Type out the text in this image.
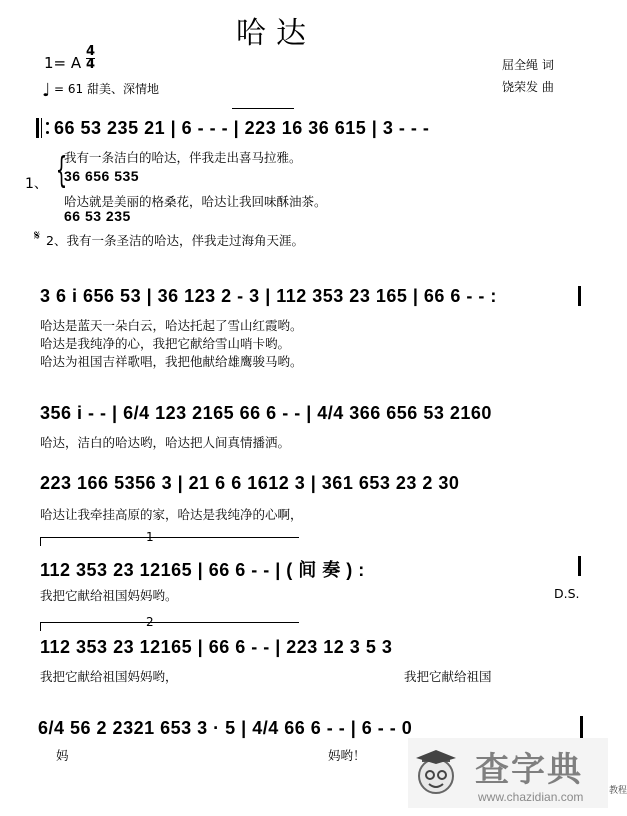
哈达
1= A
4
4
♩ = 61 甜美、深情地
屈全绳 词
饶荣发 曲
66 53 235 21 | 6 - - - | 223 16 36 615 | 3 - - -
1、 {
我有一条洁白的哈达，伴我走出喜马拉雅。
36 656 535
哈达就是美丽的格桑花，哈达让我回味酥油茶。
66 53 235
𝄋 2、我有一条圣洁的哈达，伴我走过海角天涯。
3 6 i 656 53 | 36 123 2 - 3 | 112 353 23 165 | 66 6 - - :
哈达是蓝天一朵白云，哈达托起了雪山红霞哟。
哈达是我纯净的心，我把它献给雪山哨卡哟。
哈达为祖国吉祥歌唱，我把他献给雄鹰骏马哟。
356 i - - | 6/4 123 2165 66 6 - - | 4/4 366 656 53 2160
哈达，洁白的哈达哟，哈达把人间真情播洒。
223 166 5356 3 | 21 6 6 1612 3 | 361 653 23 2 30
哈达让我牵挂高原的家，哈达是我纯净的心啊，
1
112 353 23 12165 | 66 6 - - | ( 间 奏 ) :
我把它献给祖国妈妈哟。	D.S.
2
112 353 23 12165 | 66 6 - - | 223 12 3 5 3
我把它献给祖国妈妈哟，	我把它献给祖国
6/4 56 2 2321 653 3 · 5 | 4/4 66 6 - - | 6 - - 0
妈	妈哟！	查字典
www.chazidian.com	教程
